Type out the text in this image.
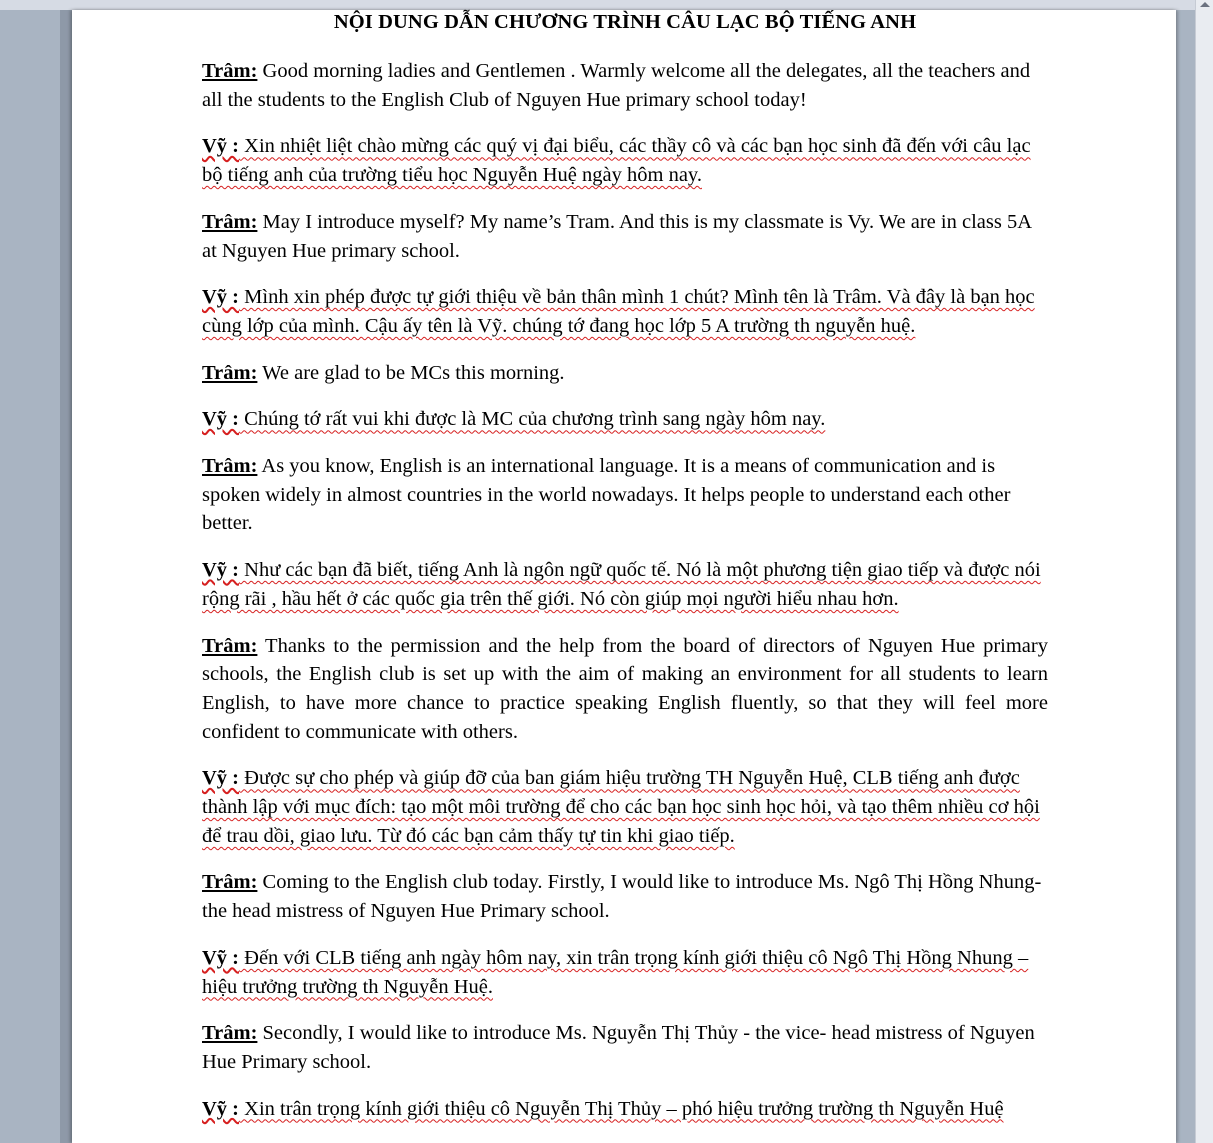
NỘI DUNG DẪN CHƯƠNG TRÌNH CÂU LẠC BỘ TIẾNG ANH

Trâm: Good morning ladies and Gentlemen . Warmly welcome all the delegates, all the teachers and all the students to the English Club of Nguyen Hue primary school today!

Vỹ : Xin nhiệt liệt chào mừng các quý vị đại biểu, các thầy cô và các bạn học sinh đã đến với câu lạc bộ tiếng anh của trường tiểu học Nguyễn Huệ ngày hôm nay.

Trâm: May I introduce myself? My name’s Tram. And this is my classmate is Vy. We are in class 5A at Nguyen Hue primary school.

Vỹ : Mình xin phép được tự giới thiệu về bản thân mình 1 chút? Mình tên là Trâm. Và đây là bạn học cùng lớp của mình. Cậu ấy tên là Vỹ. chúng tớ đang học lớp 5 A trường th nguyễn huệ.

Trâm: We are glad to be MCs this morning.

Vỹ : Chúng tớ rất vui khi được là MC của chương trình sang ngày hôm nay.

Trâm: As you know, English is an international language. It is a means of communication and is spoken widely in almost countries in the world nowadays. It helps people to understand each other better.

Vỹ : Như các bạn đã biết, tiếng Anh là ngôn ngữ quốc tế. Nó là một phương tiện giao tiếp và được nói rộng rãi , hầu hết ở các quốc gia trên thế giới. Nó còn giúp mọi người hiểu nhau hơn.

Trâm: Thanks to the permission and the help from the board of directors of Nguyen Hue primary schools, the English club is set up with the aim of making an environment for all students to learn English, to have more chance to practice speaking English fluently, so that they will feel more confident to communicate with others.

Vỹ : Được sự cho phép và giúp đỡ của ban giám hiệu trường TH Nguyễn Huệ, CLB tiếng anh được thành lập với mục đích: tạo một môi trường để cho các bạn học sinh học hỏi, và tạo thêm nhiều cơ hội để trau dồi, giao lưu. Từ đó các bạn cảm thấy tự tin khi giao tiếp.

Trâm: Coming to the English club today. Firstly, I would like to introduce Ms. Ngô Thị Hồng Nhung- the head mistress of Nguyen Hue Primary school.

Vỹ : Đến với CLB tiếng anh ngày hôm nay, xin trân trọng kính giới thiệu cô Ngô Thị Hồng Nhung – hiệu trưởng trường th Nguyễn Huệ.

Trâm: Secondly, I would like to introduce Ms. Nguyễn Thị Thủy - the vice- head mistress of Nguyen Hue Primary school.

Vỹ : Xin trân trọng kính giới thiệu cô Nguyễn Thị Thủy – phó hiệu trưởng trường th Nguyễn Huệ
